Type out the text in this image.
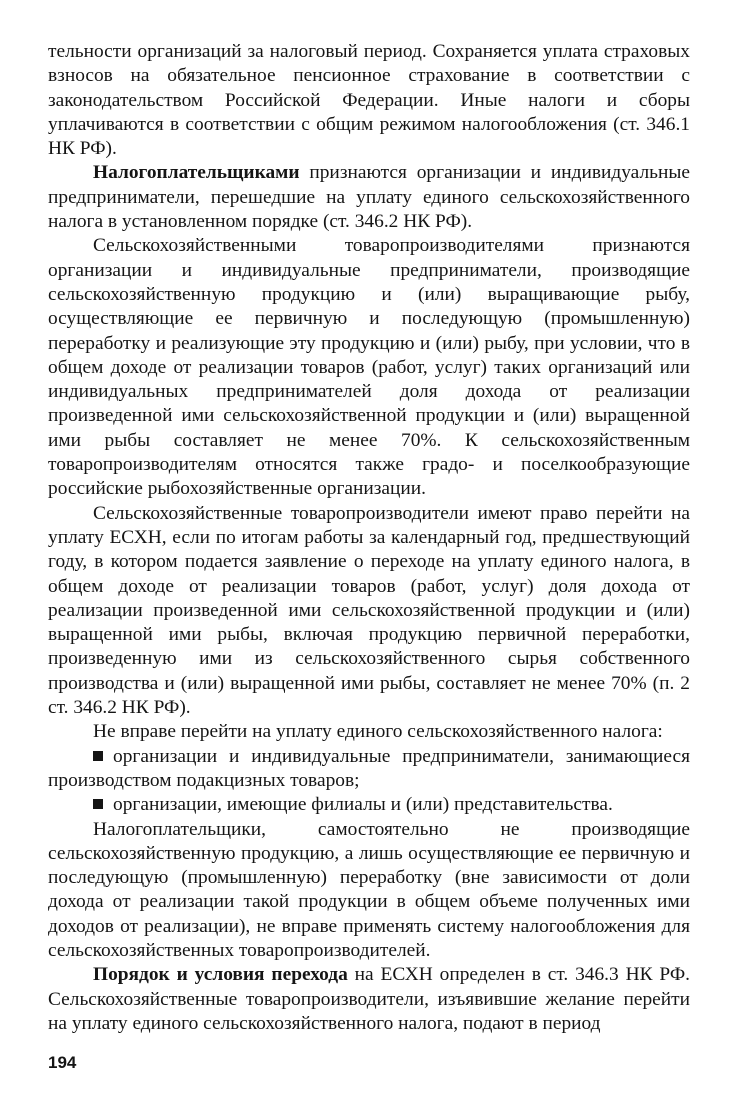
тельности организаций за налоговый период. Сохраняется уплата страховых взносов на обязательное пенсионное страхование в соответствии с законодательством Российской Федерации. Иные налоги и сборы уплачиваются в соответствии с общим режимом налогообложения (ст. 346.1 НК РФ).

Налогоплательщиками признаются организации и индивидуальные предприниматели, перешедшие на уплату единого сельскохозяйственного налога в установленном порядке (ст. 346.2 НК РФ).

Сельскохозяйственными товаропроизводителями признаются организации и индивидуальные предприниматели, производящие сельскохозяйственную продукцию и (или) выращивающие рыбу, осуществляющие ее первичную и последующую (промышленную) переработку и реализующие эту продукцию и (или) рыбу, при условии, что в общем доходе от реализации товаров (работ, услуг) таких организаций или индивидуальных предпринимателей доля дохода от реализации произведенной ими сельскохозяйственной продукции и (или) выращенной ими рыбы составляет не менее 70%. К сельскохозяйственным товаропроизводителям относятся также градо- и поселкообразующие российские рыбохозяйственные организации.

Сельскохозяйственные товаропроизводители имеют право перейти на уплату ЕСХН, если по итогам работы за календарный год, предшествующий году, в котором подается заявление о переходе на уплату единого налога, в общем доходе от реализации товаров (работ, услуг) доля дохода от реализации произведенной ими сельскохозяйственной продукции и (или) выращенной ими рыбы, включая продукцию первичной переработки, произведенную ими из сельскохозяйственного сырья собственного производства и (или) выращенной ими рыбы, составляет не менее 70% (п. 2 ст. 346.2 НК РФ).

Не вправе перейти на уплату единого сельскохозяйственного налога:

организации и индивидуальные предприниматели, занимающиеся производством подакцизных товаров;

организации, имеющие филиалы и (или) представительства.

Налогоплательщики, самостоятельно не производящие сельскохозяйственную продукцию, а лишь осуществляющие ее первичную и последующую (промышленную) переработку (вне зависимости от доли дохода от реализации такой продукции в общем объеме полученных ими доходов от реализации), не вправе применять систему налогообложения для сельскохозяйственных товаропроизводителей.

Порядок и условия перехода на ЕСХН определен в ст. 346.3 НК РФ. Сельскохозяйственные товаропроизводители, изъявившие желание перейти на уплату единого сельскохозяйственного налога, подают в период

194
